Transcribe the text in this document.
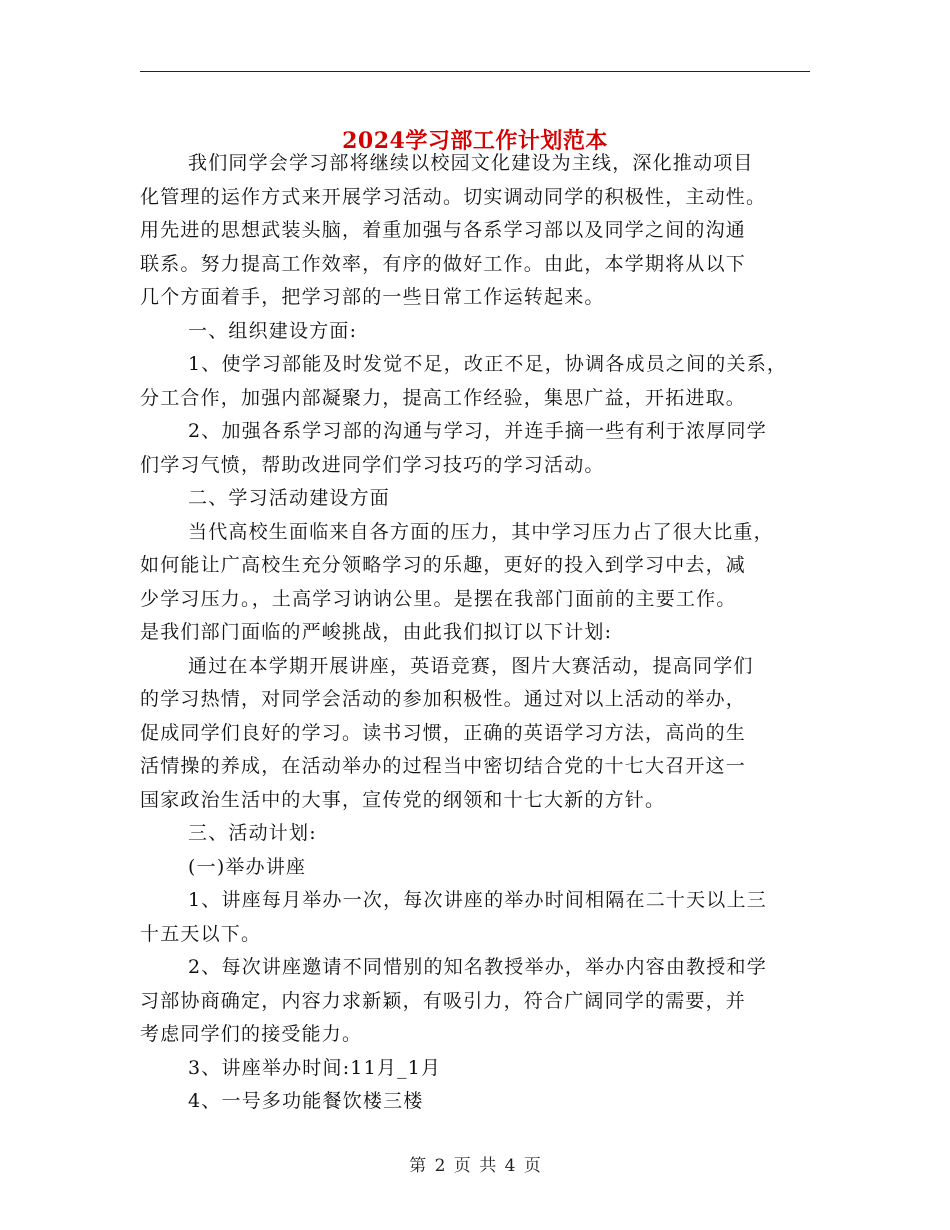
2024学习部工作计划范本

我们同学会学习部将继续以校园文化建设为主线，深化推动项目
化管理的运作方式来开展学习活动。切实调动同学的积极性，主动性。
用先进的思想武装头脑，着重加强与各系学习部以及同学之间的沟通
联系。努力提高工作效率，有序的做好工作。由此，本学期将从以下
几个方面着手，把学习部的一些日常工作运转起来。
一、组织建设方面:
1、使学习部能及时发觉不足，改正不足，协调各成员之间的关系，
分工合作，加强内部凝聚力，提高工作经验，集思广益，开拓进取。
2、加强各系学习部的沟通与学习，并连手摘一些有利于浓厚同学
们学习气愤，帮助改进同学们学习技巧的学习活动。
二、学习活动建设方面
当代高校生面临来自各方面的压力，其中学习压力占了很大比重，
如何能让广高校生充分领略学习的乐趣，更好的投入到学习中去，减
少学习压力。，土高学习讷讷公里。是摆在我部门面前的主要工作。
是我们部门面临的严峻挑战，由此我们拟订以下计划:
通过在本学期开展讲座，英语竞赛，图片大赛活动，提高同学们
的学习热情，对同学会活动的参加积极性。通过对以上活动的举办，
促成同学们良好的学习。读书习惯，正确的英语学习方法，高尚的生
活情操的养成，在活动举办的过程当中密切结合党的十七大召开这一
国家政治生活中的大事，宣传党的纲领和十七大新的方针。
三、活动计划:
(一)举办讲座
1、讲座每月举办一次，每次讲座的举办时间相隔在二十天以上三
十五天以下。
2、每次讲座邀请不同惜别的知名教授举办，举办内容由教授和学
习部协商确定，内容力求新颖，有吸引力，符合广阔同学的需要，并
考虑同学们的接受能力。
3、讲座举办时间:11月_1月
4、一号多功能餐饮楼三楼

第 2 页 共 4 页
